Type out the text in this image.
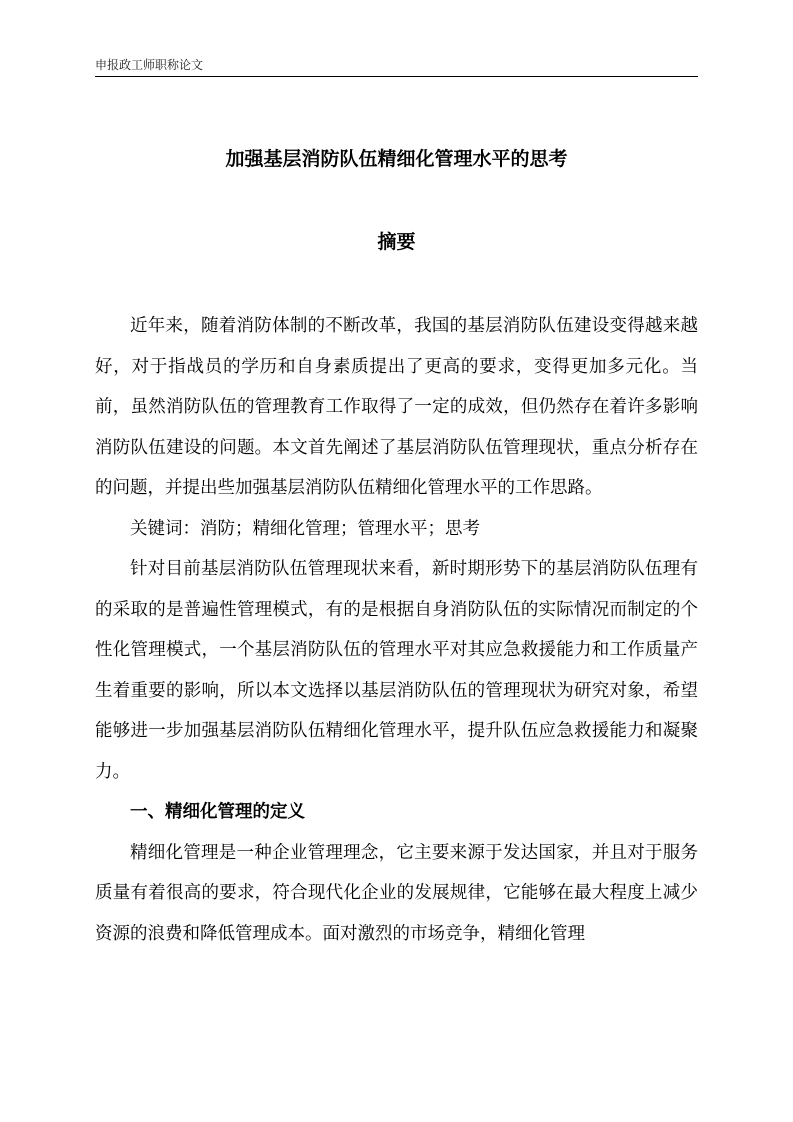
申报政工师职称论文
加强基层消防队伍精细化管理水平的思考
摘要

近年来，随着消防体制的不断改革，我国的基层消防队伍建设变得越来越好，对于指战员的学历和自身素质提出了更高的要求，变得更加多元化。当前，虽然消防队伍的管理教育工作取得了一定的成效，但仍然存在着许多影响消防队伍建设的问题。本文首先阐述了基层消防队伍管理现状，重点分析存在的问题，并提出些加强基层消防队伍精细化管理水平的工作思路。

关键词：消防；精细化管理；管理水平；思考

针对目前基层消防队伍管理现状来看，新时期形势下的基层消防队伍理有的采取的是普遍性管理模式，有的是根据自身消防队伍的实际情况而制定的个性化管理模式，一个基层消防队伍的管理水平对其应急救援能力和工作质量产生着重要的影响，所以本文选择以基层消防队伍的管理现状为研究对象，希望能够进一步加强基层消防队伍精细化管理水平，提升队伍应急救援能力和凝聚力。

一、精细化管理的定义

精细化管理是一种企业管理理念，它主要来源于发达国家，并且对于服务质量有着很高的要求，符合现代化企业的发展规律，它能够在最大程度上减少资源的浪费和降低管理成本。面对激烈的市场竞争，精细化管理
